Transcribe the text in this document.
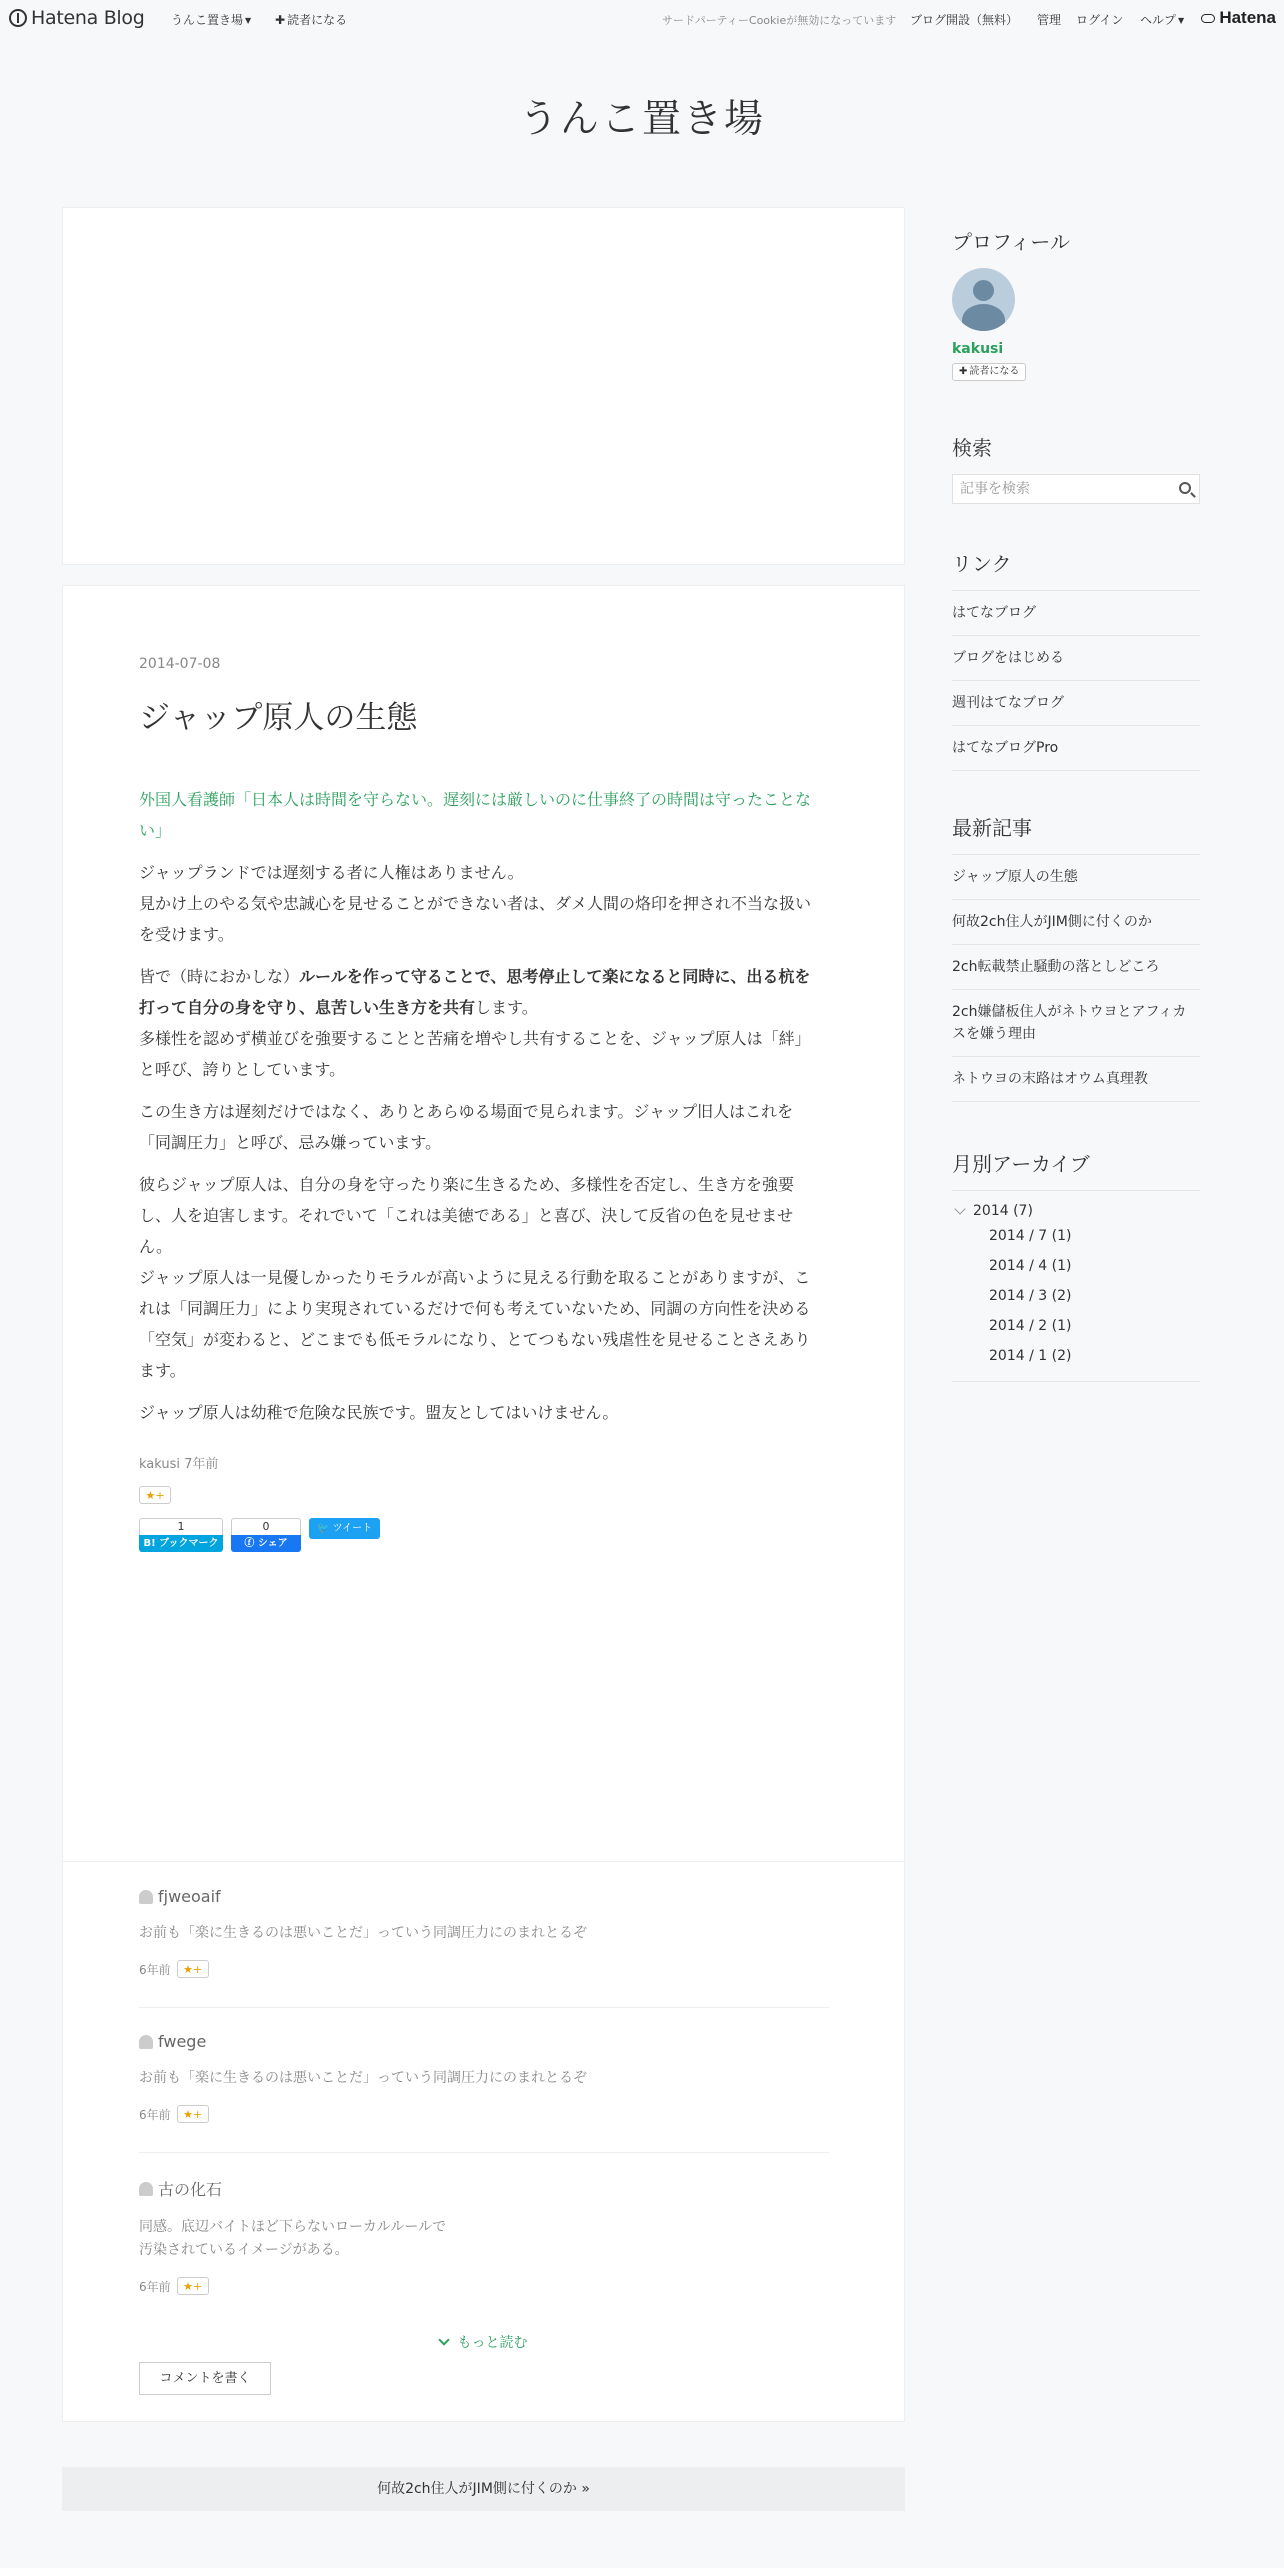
Hatena Blog うんこ置き場 ▼ ✚ 読者になる	サードパーティーCookieが無効になっています ブログ開設（無料） 管理 ログイン ヘルプ ▼ Hatena
うんこ置き場
2014-07-08
ジャップ原人の生態

外国人看護師「日本人は時間を守らない。遅刻には厳しいのに仕事終了の時間は守ったことない」

ジャップランドでは遅刻する者に人権はありません。
見かけ上のやる気や忠誠心を見せることができない者は、ダメ人間の烙印を押され不当な扱いを受けます。

皆で（時におかしな）ルールを作って守ることで、思考停止して楽になると同時に、出る杭を打って自分の身を守り、息苦しい生き方を共有します。
多様性を認めず横並びを強要することと苦痛を増やし共有することを、ジャップ原人は「絆」と呼び、誇りとしています。

この生き方は遅刻だけではなく、ありとあらゆる場面で見られます。ジャップ旧人はこれを「同調圧力」と呼び、忌み嫌っています。

彼らジャップ原人は、自分の身を守ったり楽に生きるため、多様性を否定し、生き方を強要し、人を迫害します。それでいて「これは美徳である」と喜び、決して反省の色を見せません。
ジャップ原人は一見優しかったりモラルが高いように見える行動を取ることがありますが、これは「同調圧力」により実現されているだけで何も考えていないため、同調の方向性を決める「空気」が変わると、どこまでも低モラルになり、とてつもない残虐性を見せることさえあります。

ジャップ原人は幼稚で危険な民族です。盟友としてはいけません。

kakusi 7年前
★+
1
B! ブックマーク
0
ⓕ シェア
🐦 ツイート
fjweoaif
お前も「楽に生きるのは悪いことだ」っていう同調圧力にのまれとるぞ
6年前	★+
fwege
お前も「楽に生きるのは悪いことだ」っていう同調圧力にのまれとるぞ
6年前	★+
古の化石
同感。底辺バイトほど下らないローカルルールで
汚染されているイメージがある。
6年前	★+
もっと読む
コメントを書く
何故2ch住人がJIM側に付くのか »
プロフィール
kakusi
✚ 読者になる
検索
記事を検索
リンク
はてなブログ
ブログをはじめる
週刊はてなブログ
はてなブログPro
最新記事
ジャップ原人の生態
何故2ch住人がJIM側に付くのか
2ch転載禁止騒動の落としどころ
2ch嫌儲板住人がネトウヨとアフィカスを嫌う理由
ネトウヨの末路はオウム真理教
月別アーカイブ
2014 (7)
2014 / 7 (1)
2014 / 4 (1)
2014 / 3 (2)
2014 / 2 (1)
2014 / 1 (2)
